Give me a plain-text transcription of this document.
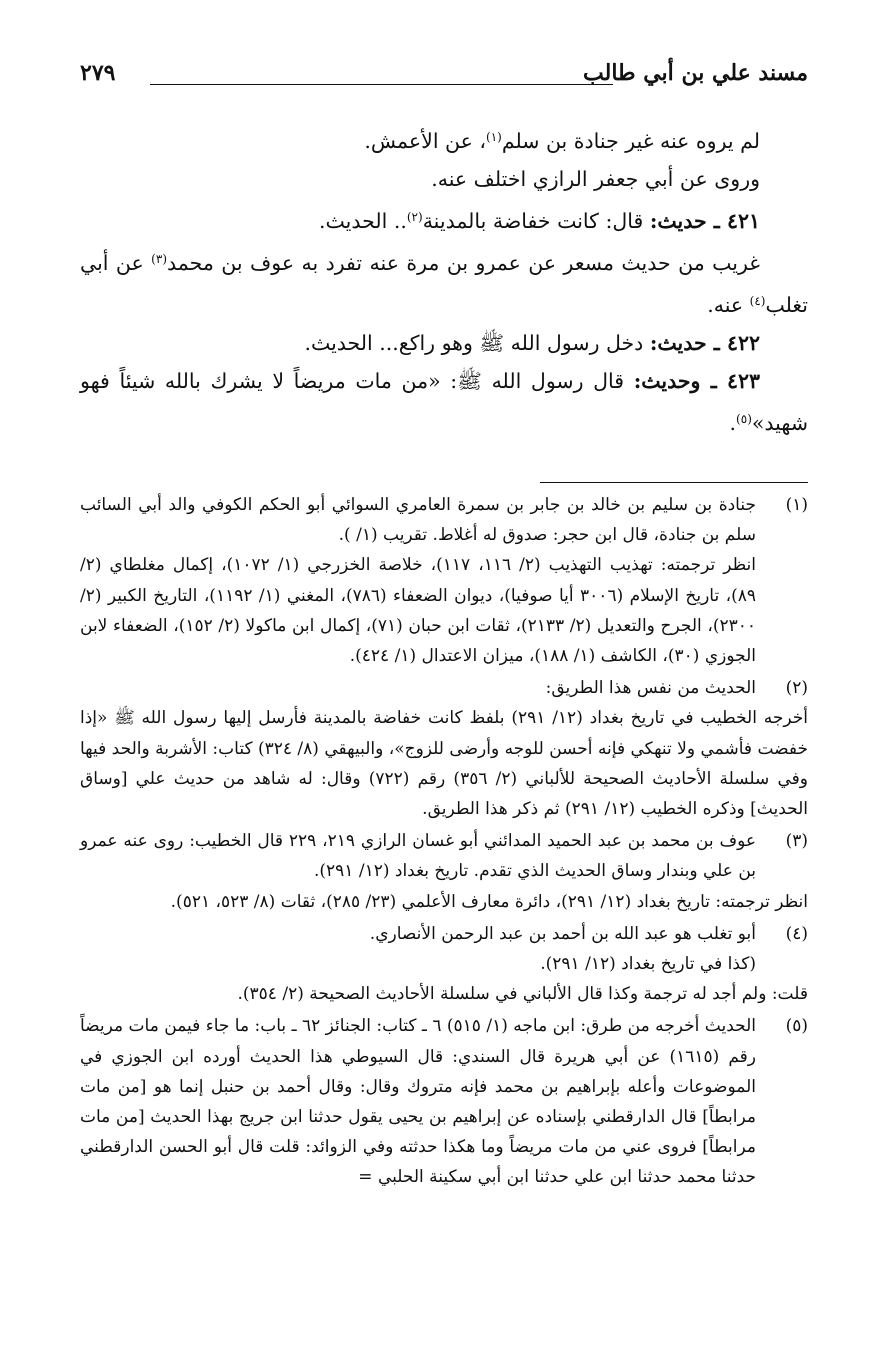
مسند علي بن أبي طالب
٢٧٩

لم يروه عنه غير جنادة بن سلم$^{(١)}$، عن الأعمش.

وروى عن أبي جعفر الرازي اختلف عنه.

٤٢١ ـ حديث: قال: كانت خفاضة بالمدينة$^{(٢)}$.. الحديث.

غريب من حديث مسعر عن عمرو بن مرة عنه تفرد به عوف بن محمد$^{(٣)}$ عن أبي تغلب$^{(٤)}$ عنه.

٤٢٢ ـ حديث: دخل رسول الله ﷺ وهو راكع... الحديث.

٤٢٣ ـ وحديث: قال رسول الله ﷺ: «من مات مريضاً لا يشرك بالله شيئاً فهو شهيد»$^{(٥)}$.

(١)

جنادة بن سليم بن خالد بن جابر بن سمرة العامري السوائي أبو الحكم الكوفي والد أبي السائب سلم بن جنادة، قال ابن حجر: صدوق له أغلاط. تقريب (١/ ).

انظر ترجمته: تهذيب التهذيب (٢/ ١١٦، ١١٧)، خلاصة الخزرجي (١/ ١٠٧٢)، إكمال مغلطاي (٢/ ٨٩)، تاريخ الإسلام (٣٠٠٦ أيا صوفيا)، ديوان الضعفاء (٧٨٦)، المغني (١/ ١١٩٢)، التاريخ الكبير (٢/ ٢٣٠٠)، الجرح والتعديل (٢/ ٢١٣٣)، ثقات ابن حبان (٧١)، إكمال ابن ماكولا (٢/ ١٥٢)، الضعفاء لابن الجوزي (٣٠)، الكاشف (١/ ١٨٨)، ميزان الاعتدال (١/ ٤٢٤).

(٢)

الحديث من نفس هذا الطريق:

أخرجه الخطيب في تاريخ بغداد (١٢/ ٢٩١) بلفظ كانت خفاضة بالمدينة فأرسل إليها رسول الله ﷺ «إذا خفضت فأشمي ولا تنهكي فإنه أحسن للوجه وأرضى للزوج»، والبيهقي (٨/ ٣٢٤) كتاب: الأشربة والحد فيها وفي سلسلة الأحاديث الصحيحة للألباني (٢/ ٣٥٦) رقم (٧٢٢) وقال: له شاهد من حديث علي [وساق الحديث] وذكره الخطيب (١٢/ ٢٩١) ثم ذكر هذا الطريق.

(٣)

عوف بن محمد بن عبد الحميد المدائني أبو غسان الرازي ٢١٩، ٢٢٩ قال الخطيب: روى عنه عمرو بن علي وبندار وساق الحديث الذي تقدم. تاريخ بغداد (١٢/ ٢٩١).

انظر ترجمته: تاريخ بغداد (١٢/ ٢٩١)، دائرة معارف الأعلمي (٢٣/ ٢٨٥)، ثقات (٨/ ٥٢٣، ٥٢١).

(٤)

أبو تغلب هو عبد الله بن أحمد بن عبد الرحمن الأنصاري.

(كذا في تاريخ بغداد (١٢/ ٢٩١).

قلت: ولم أجد له ترجمة وكذا قال الألباني في سلسلة الأحاديث الصحيحة (٢/ ٣٥٤).

(٥)

الحديث أخرجه من طرق: ابن ماجه (١/ ٥١٥) ٦ ـ كتاب: الجنائز ٦٢ ـ باب: ما جاء فيمن مات مريضاً رقم (١٦١٥) عن أبي هريرة قال السندي: قال السيوطي هذا الحديث أورده ابن الجوزي في الموضوعات وأعله بإبراهيم بن محمد فإنه متروك وقال: وقال أحمد بن حنبل إنما هو [من مات مرابطاً] قال الدارقطني بإسناده عن إبراهيم بن يحيى يقول حدثنا ابن جريج بهذا الحديث [من مات مرابطاً] فروى عني من مات مريضاً وما هكذا حدثته وفي الزوائد: قلت قال أبو الحسن الدارقطني حدثنا محمد حدثنا ابن علي حدثنا ابن أبي سكينة الحلبي =
